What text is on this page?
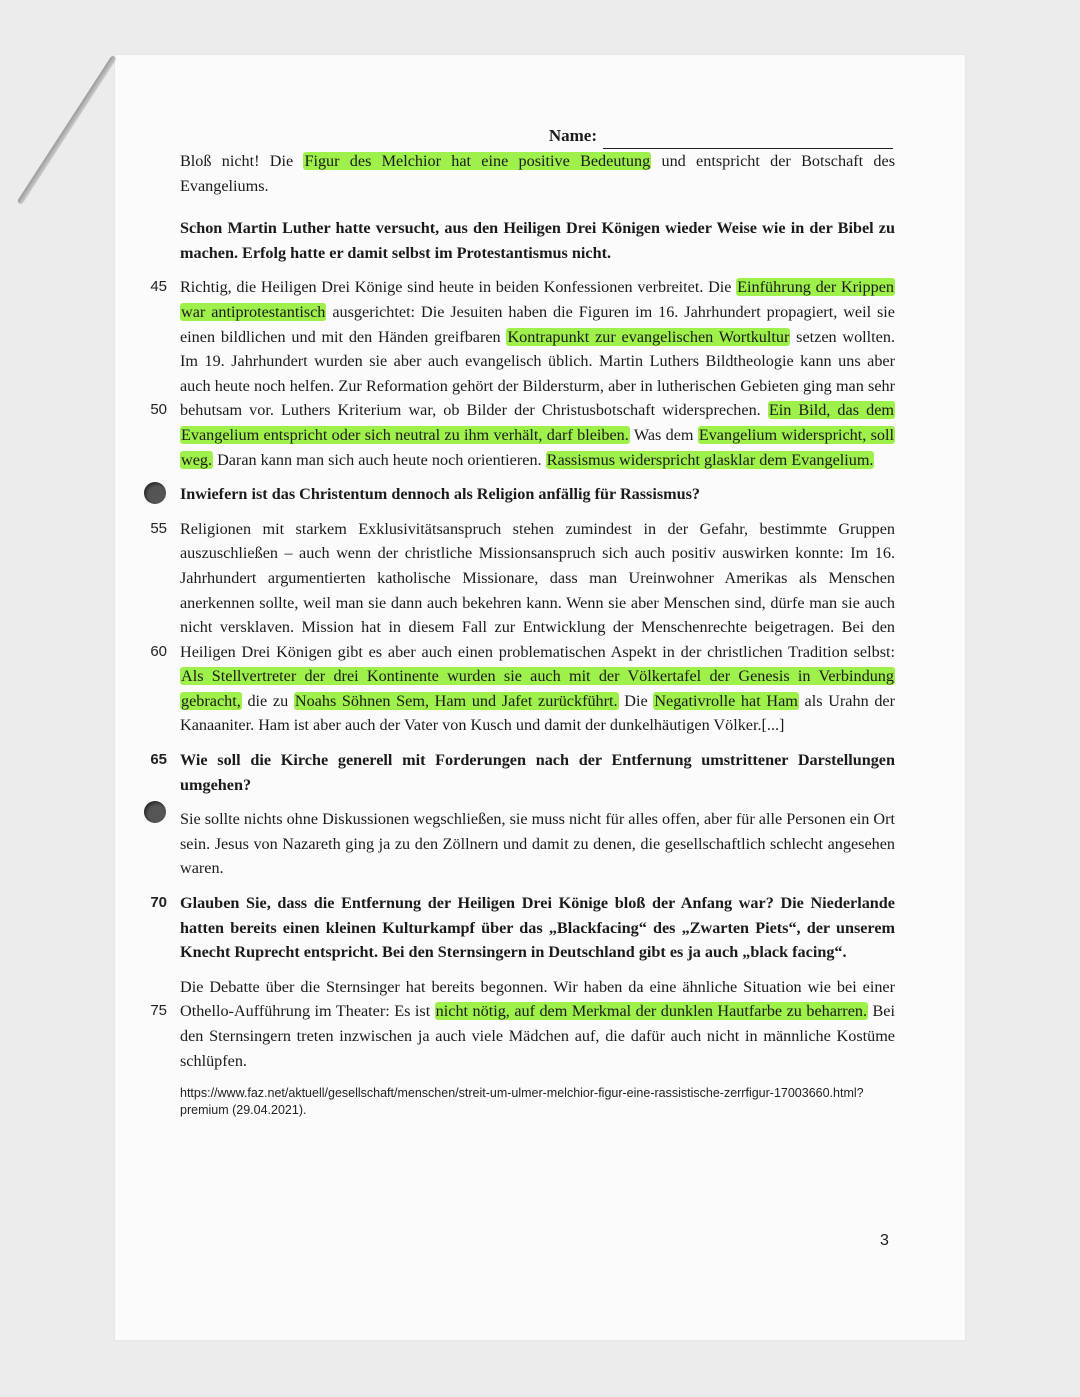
Name:

Bloß nicht! Die Figur des Melchior hat eine positive Bedeutung und entspricht der Botschaft des Evangeliums.

Schon Martin Luther hatte versucht, aus den Heiligen Drei Königen wieder Weise wie in der Bibel zu machen. Erfolg hatte er damit selbst im Protestantismus nicht.

45
50
Richtig, die Heiligen Drei Könige sind heute in beiden Konfessionen verbreitet. Die Einführung der Krippen war antiprotestantisch ausgerichtet: Die Jesuiten haben die Figuren im 16. Jahrhundert propagiert, weil sie einen bildlichen und mit den Händen greifbaren Kontrapunkt zur evangelischen Wortkultur setzen wollten. Im 19. Jahrhundert wurden sie aber auch evangelisch üblich. Martin Luthers Bildtheologie kann uns aber auch heute noch helfen. Zur Reformation gehört der Bildersturm, aber in lutherischen Gebieten ging man sehr behutsam vor. Luthers Kriterium war, ob Bilder der Christusbotschaft widersprechen. Ein Bild, das dem Evangelium entspricht oder sich neutral zu ihm verhält, darf bleiben. Was dem Evangelium widerspricht, soll weg. Daran kann man sich auch heute noch orientieren. Rassismus widerspricht glasklar dem Evangelium.

Inwiefern ist das Christentum dennoch als Religion anfällig für Rassismus?

55
60
Religionen mit starkem Exklusivitätsanspruch stehen zumindest in der Gefahr, bestimmte Gruppen auszuschließen – auch wenn der christliche Missionsanspruch sich auch positiv auswirken konnte: Im 16. Jahrhundert argumentierten katholische Missionare, dass man Ureinwohner Amerikas als Menschen anerkennen sollte, weil man sie dann auch bekehren kann. Wenn sie aber Menschen sind, dürfe man sie auch nicht versklaven. Mission hat in diesem Fall zur Entwicklung der Menschenrechte beigetragen. Bei den Heiligen Drei Königen gibt es aber auch einen problematischen Aspekt in der christlichen Tradition selbst: Als Stellvertreter der drei Kontinente wurden sie auch mit der Völkertafel der Genesis in Verbindung gebracht, die zu Noahs Söhnen Sem, Ham und Jafet zurückführt. Die Negativrolle hat Ham als Urahn der Kanaaniter. Ham ist aber auch der Vater von Kusch und damit der dunkelhäutigen Völker.[...]

65 Wie soll die Kirche generell mit Forderungen nach der Entfernung umstrittener Darstellungen umgehen?

Sie sollte nichts ohne Diskussionen wegschließen, sie muss nicht für alles offen, aber für alle Personen ein Ort sein. Jesus von Nazareth ging ja zu den Zöllnern und damit zu denen, die gesellschaftlich schlecht angesehen waren.

70 Glauben Sie, dass die Entfernung der Heiligen Drei Könige bloß der Anfang war? Die Niederlande hatten bereits einen kleinen Kulturkampf über das „Blackfacing“ des „Zwarten Piets“, der unserem Knecht Ruprecht entspricht. Bei den Sternsingern in Deutschland gibt es ja auch „black facing“.

75
Die Debatte über die Sternsinger hat bereits begonnen. Wir haben da eine ähnliche Situation wie bei einer Othello-Aufführung im Theater: Es ist nicht nötig, auf dem Merkmal der dunklen Hautfarbe zu beharren. Bei den Sternsingern treten inzwischen ja auch viele Mädchen auf, die dafür auch nicht in männliche Kostüme schlüpfen.

https://www.faz.net/aktuell/gesellschaft/menschen/streit-um-ulmer-melchior-figur-eine-rassistische-zerrfigur-17003660.html?premium (29.04.2021).
3
